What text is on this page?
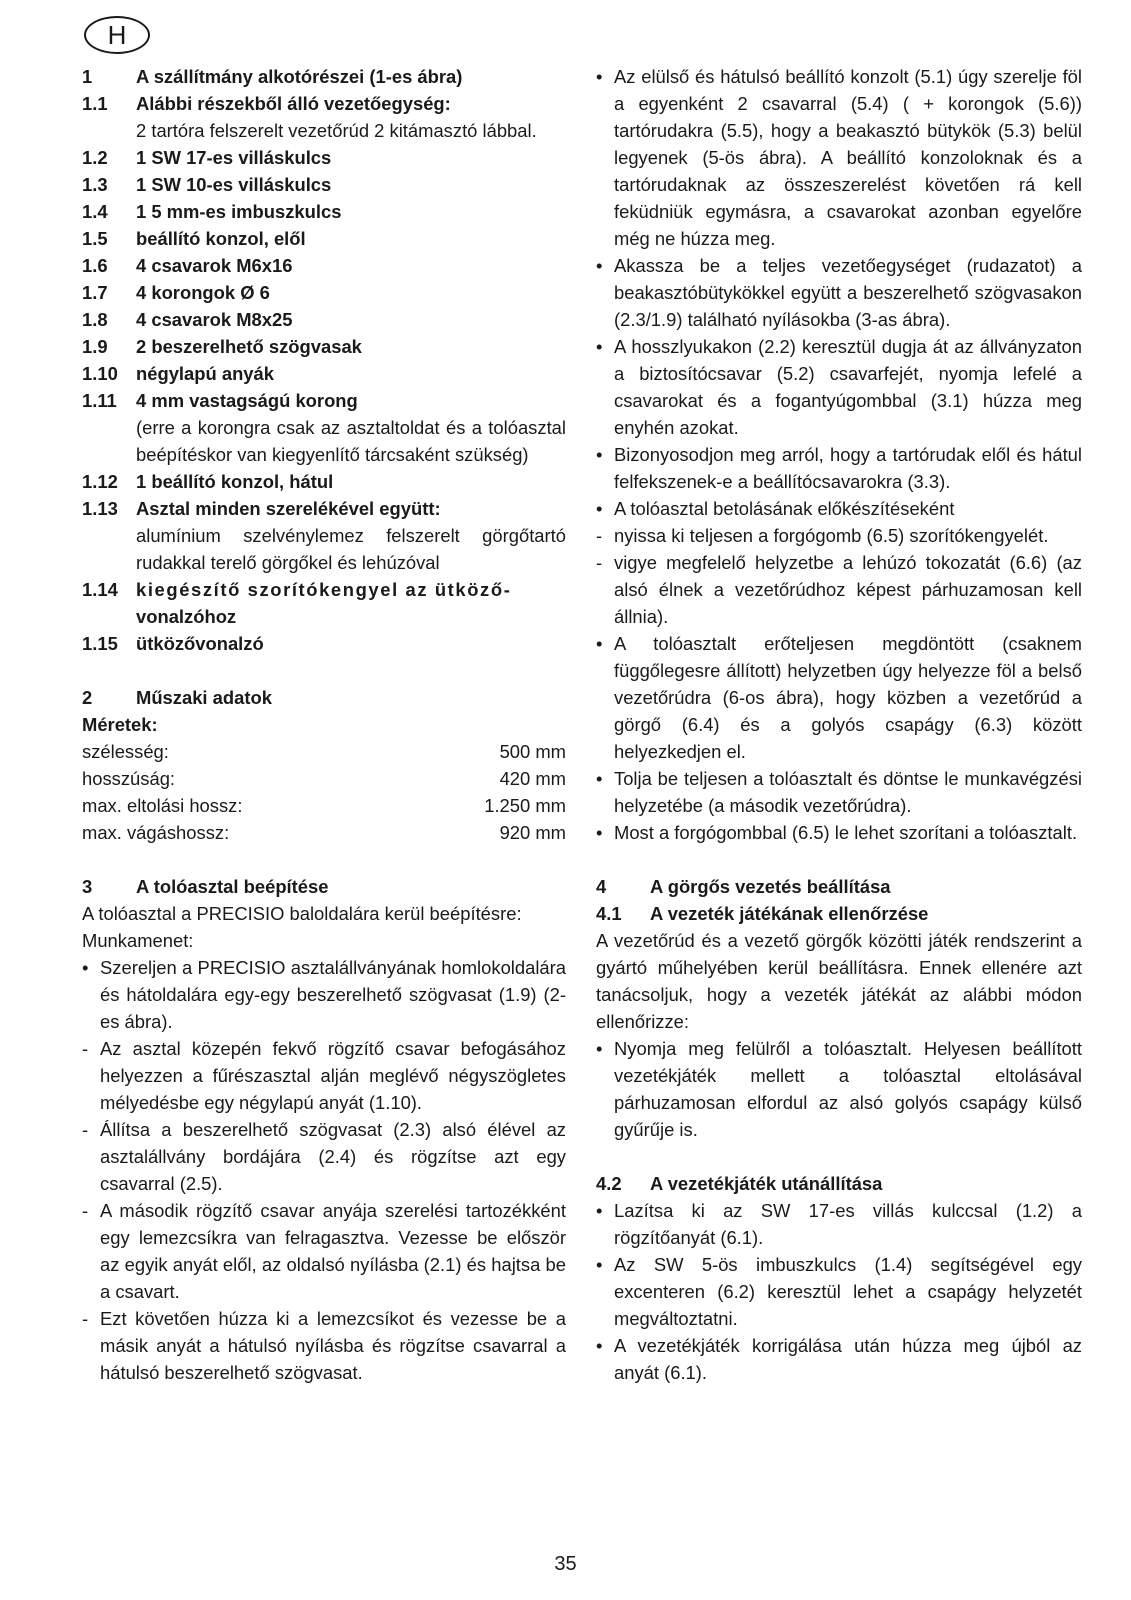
H
1	A szállítmány alkotórészei (1-es ábra)
1.1	Alábbi részekből álló vezetőegység:
2 tartóra felszerelt vezetőrúd 2 kitámasztó lábbal.
1.2	1 SW 17-es villáskulcs
1.3	1 SW 10-es villáskulcs
1.4	1 5 mm-es imbuszkulcs
1.5	beállító konzol, elől
1.6	4 csavarok M6x16
1.7	4 korongok Ø 6
1.8	4 csavarok M8x25
1.9	2 beszerelhető szögvasak
1.10 négylapú anyák
1.11	4 mm vastagságú korong
(erre a korongra csak az asztaltoldat és a tolóasztal beépítéskor van kiegyenlítő tárcsaként szükség)
1.12 1 beállító konzol, hátul
1.13 Asztal minden szerelékével együtt:
alumínium szelvénylemez felszerelt görgőtartó rudakkal terelő görgőkel és lehúzóval
1.14 kiegészítő szorítókengyel az ütköző-
vonalzóhoz
1.15 ütközővonalzó
2	Műszaki adatok
Méretek:
szélesség:	500 mm
hosszúság:	420 mm
max. eltolási hossz:	1.250 mm
max. vágáshossz:	920 mm
3	A tolóasztal beépítése
A tolóasztal a PRECISIO baloldalára kerül beépítésre:
Munkamenet:
• Szereljen a PRECISIO asztalállványának homlokoldalára és hátoldalára egy-egy beszerelhető szögvasat (1.9) (2-es ábra).
- Az asztal közepén fekvő rögzítő csavar befogásához helyezzen a fűrészasztal alján meglévő négyszögletes mélyedésbe egy négylapú anyát (1.10).
- Állítsa a beszerelhető szögvasat (2.3) alsó élével az asztalállvány bordájára (2.4) és rögzítse azt egy csavarral (2.5).
- A második rögzítő csavar anyája szerelési tartozékként egy lemezcsíkra van felragasztva. Vezesse be először az egyik anyát elől, az oldalsó nyílásba (2.1) és hajtsa be a csavart.
- Ezt követően húzza ki a lemezcsíkot és vezesse be a másik anyát a hátulsó nyílásba és rögzítse csavarral a hátulsó beszerelhető szögvasat.
• Az elülső és hátulsó beállító konzolt (5.1) úgy szerelje föl a egyenként 2 csavarral (5.4) ( + korongok (5.6)) tartórudakra (5.5), hogy a beakasztó bütykök (5.3) belül legyenek (5-ös ábra). A beállító konzoloknak és a tartórudaknak az összeszerelést követően rá kell feküdniük egymásra, a csavarokat azonban egyelőre még ne húzza meg.
• Akassza be a teljes vezetőegységet (rudazatot) a beakasztóbütykökkel együtt a beszerelhető szögvasakon (2.3/1.9) található nyílásokba (3-as ábra).
• A hosszlyukakon (2.2) keresztül dugja át az állványzaton a biztosítócsavar (5.2) csavarfejét, nyomja lefelé a csavarokat és a fogantyúgombbal (3.1) húzza meg enyhén azokat.
• Bizonyosodjon meg arról, hogy a tartórudak elől és hátul felfekszenek-e a beállítócsavarokra (3.3).
• A tolóasztal betolásának előkészítéseként
- nyissa ki teljesen a forgógomb (6.5) szorítókengyelét.
- vigye megfelelő helyzetbe a lehúzó tokozatát (6.6) (az alsó élnek a vezetőrúdhoz képest párhuzamosan kell állnia).
• A tolóasztalt erőteljesen megdöntött (csaknem függőlegesre állított) helyzetben úgy helyezze föl a belső vezetőrúdra (6-os ábra), hogy közben a vezetőrúd a görgő (6.4) és a golyós csapágy (6.3) között helyezkedjen el.
• Tolja be teljesen a tolóasztalt és döntse le munkavégzési helyzetébe (a második vezetőrúdra).
• Most a forgógombbal (6.5) le lehet szorítani a tolóasztalt.
4	A görgős vezetés beállítása
4.1	A vezeték játékának ellenőrzése
A vezetőrúd és a vezető görgők közötti játék rendszerint a gyártó műhelyében kerül beállításra. Ennek ellenére azt tanácsoljuk, hogy a vezeték játékát az alábbi módon ellenőrizze:
• Nyomja meg felülről a tolóasztalt. Helyesen beállított vezetékjáték mellett a tolóasztal eltolásával párhuzamosan elfordul az alsó golyós csapágy külső gyűrűje is.
4.2	A vezetékjáték utánállítása
• Lazítsa ki az SW 17-es villás kulccsal (1.2) a rögzítőanyát (6.1).
• Az SW 5-ös imbuszkulcs (1.4) segítségével egy excenteren (6.2) keresztül lehet a csapágy helyzetét megváltoztatni.
• A vezetékjáték korrigálása után húzza meg újból az anyát (6.1).
35
